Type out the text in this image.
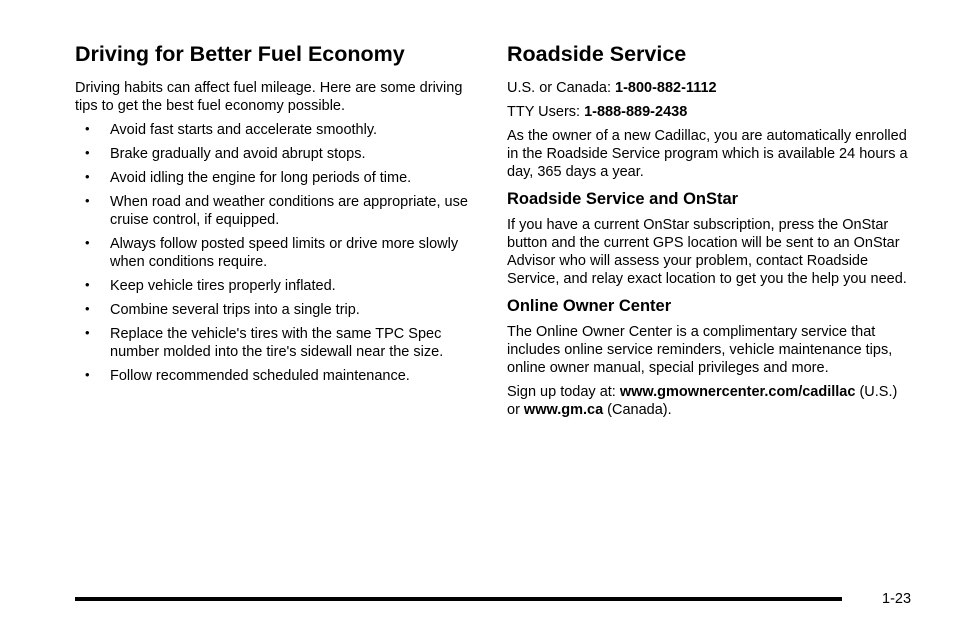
Driving for Better Fuel Economy

Driving habits can affect fuel mileage. Here are some driving tips to get the best fuel economy possible.

• Avoid fast starts and accelerate smoothly.
• Brake gradually and avoid abrupt stops.
• Avoid idling the engine for long periods of time.
• When road and weather conditions are appropriate, use cruise control, if equipped.
• Always follow posted speed limits or drive more slowly when conditions require.
• Keep vehicle tires properly inflated.
• Combine several trips into a single trip.
• Replace the vehicle's tires with the same TPC Spec number molded into the tire's sidewall near the size.
• Follow recommended scheduled maintenance.
Roadside Service

U.S. or Canada: 1-800-882-1112

TTY Users: 1-888-889-2438

As the owner of a new Cadillac, you are automatically enrolled in the Roadside Service program which is available 24 hours a day, 365 days a year.

Roadside Service and OnStar

If you have a current OnStar subscription, press the OnStar button and the current GPS location will be sent to an OnStar Advisor who will assess your problem, contact Roadside Service, and relay exact location to get you the help you need.

Online Owner Center

The Online Owner Center is a complimentary service that includes online service reminders, vehicle maintenance tips, online owner manual, special privileges and more.

Sign up today at: www.gmownercenter.com/cadillac (U.S.) or www.gm.ca (Canada).

1-23
